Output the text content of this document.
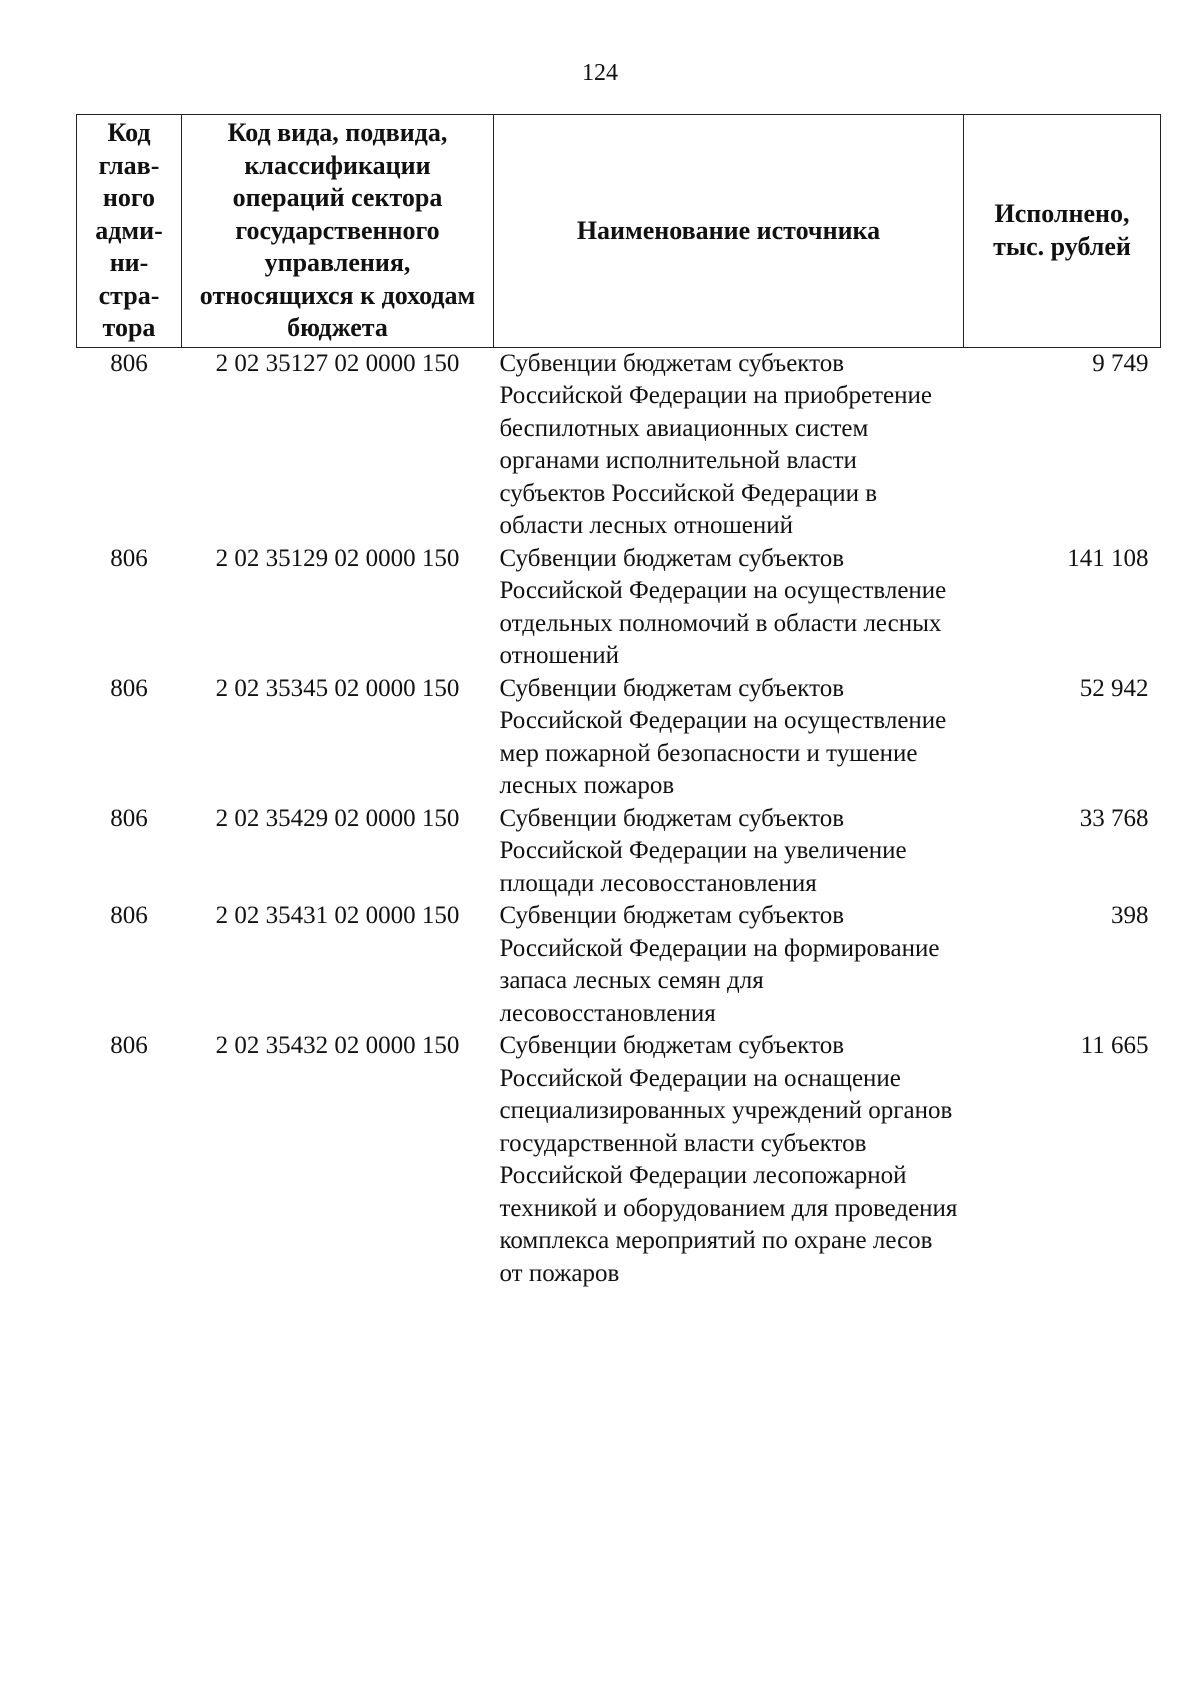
124
Код глав-ного адми-ни-стра-тора	Код вида, подвида, классификации операций сектора государственного управления, относящихся к доходам бюджета	Наименование источника	Исполнено, тыс. рублей
806	2 02 35127 02 0000 150	Субвенции бюджетам субъектов Российской Федерации на приобретение беспилотных авиационных систем органами исполнительной власти субъектов Российской Федерации в области лесных отношений	9 749
806	2 02 35129 02 0000 150	Субвенции бюджетам субъектов Российской Федерации на осуществление отдельных полномочий в области лесных отношений	141 108
806	2 02 35345 02 0000 150	Субвенции бюджетам субъектов Российской Федерации на осуществление мер пожарной безопасности и тушение лесных пожаров	52 942
806	2 02 35429 02 0000 150	Субвенции бюджетам субъектов Российской Федерации на увеличение площади лесовосстановления	33 768
806	2 02 35431 02 0000 150	Субвенции бюджетам субъектов Российской Федерации на формирование запаса лесных семян для лесовосстановления	398
806	2 02 35432 02 0000 150	Субвенции бюджетам субъектов Российской Федерации на оснащение специализированных учреждений органов государственной власти субъектов Российской Федерации лесопожарной техникой и оборудованием для проведения комплекса мероприятий по охране лесов от пожаров	11 665
